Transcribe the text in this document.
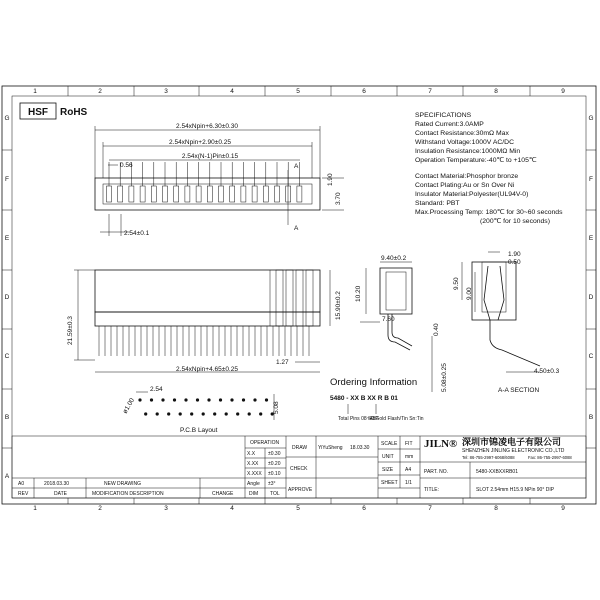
1	2	3	4	5	6	7	8	9
1	2	3	4	5	6	7	8	9
G
F
E
D
C
B
A
G
F
E
D
C
B
HSF RoHS	SPECIFICATIONS
Rated Current:3.0AMP
Contact Resistance:30mΩ Max
Withstand Voltage:1000V AC/DC
Insulation Resistance:1000MΩ Min
Operation Temperature:-40℃ to +105℃
Contact Material:Phosphor bronze
Contact Plating:Au or Sn Over Ni
Insulator Material:Polyester(UL94V-0)
Standard: PBT
Max.Processing Temp: 180℃ for 30~60 seconds
(200℃ for 10 seconds)
2.54xNpin+6.30±0.30
2.54xNpin+2.90±0.25
2.54x(N-1)Pin±0.15
0.56
1.90
3.70
A
A
2.54±0.1
21.59±0.3
15.90±0.2
1.27
2.54xNpin+4.65±0.25
9.40±0.2
10.20
7.60
0.40
5.08±0.25
1.90
0.50
9.50
9.00
4.50±0.3
A-A SECTION
2.54
ø1.00	5.08
P.C.B Layout
Ordering Information
5480 - XX B XX R B 01
Total Pins 08~48P
S0:Gold Flash/Tin Sn:Tin
A0	2018.03.30	NEW DRAWING
REV	DATE	MODIFICATION DESCRIPTION	CHANGE
OPERATION
X.X	±0.30
X.XX ±0.20
X.XXX ±0.10
Angle ±3°
DIM TOL
DRAW YiYuSheng 18.03.30
CHECK
APPROVE
SCALE FIT
UNIT mm
SIZE A4
SHEET 1/1
JILN® 深圳市锦凌电子有限公司
SHENZHEN JINLING ELECTRONIC CO.,LTD
Tel: 86-755-2997-6068/6088	Fax: 86-755-2997-6088
PART. NO.	5480-XXBXXRB01
TITLE:	SLOT 2.54mm H15.9 NPin 90° DIP
